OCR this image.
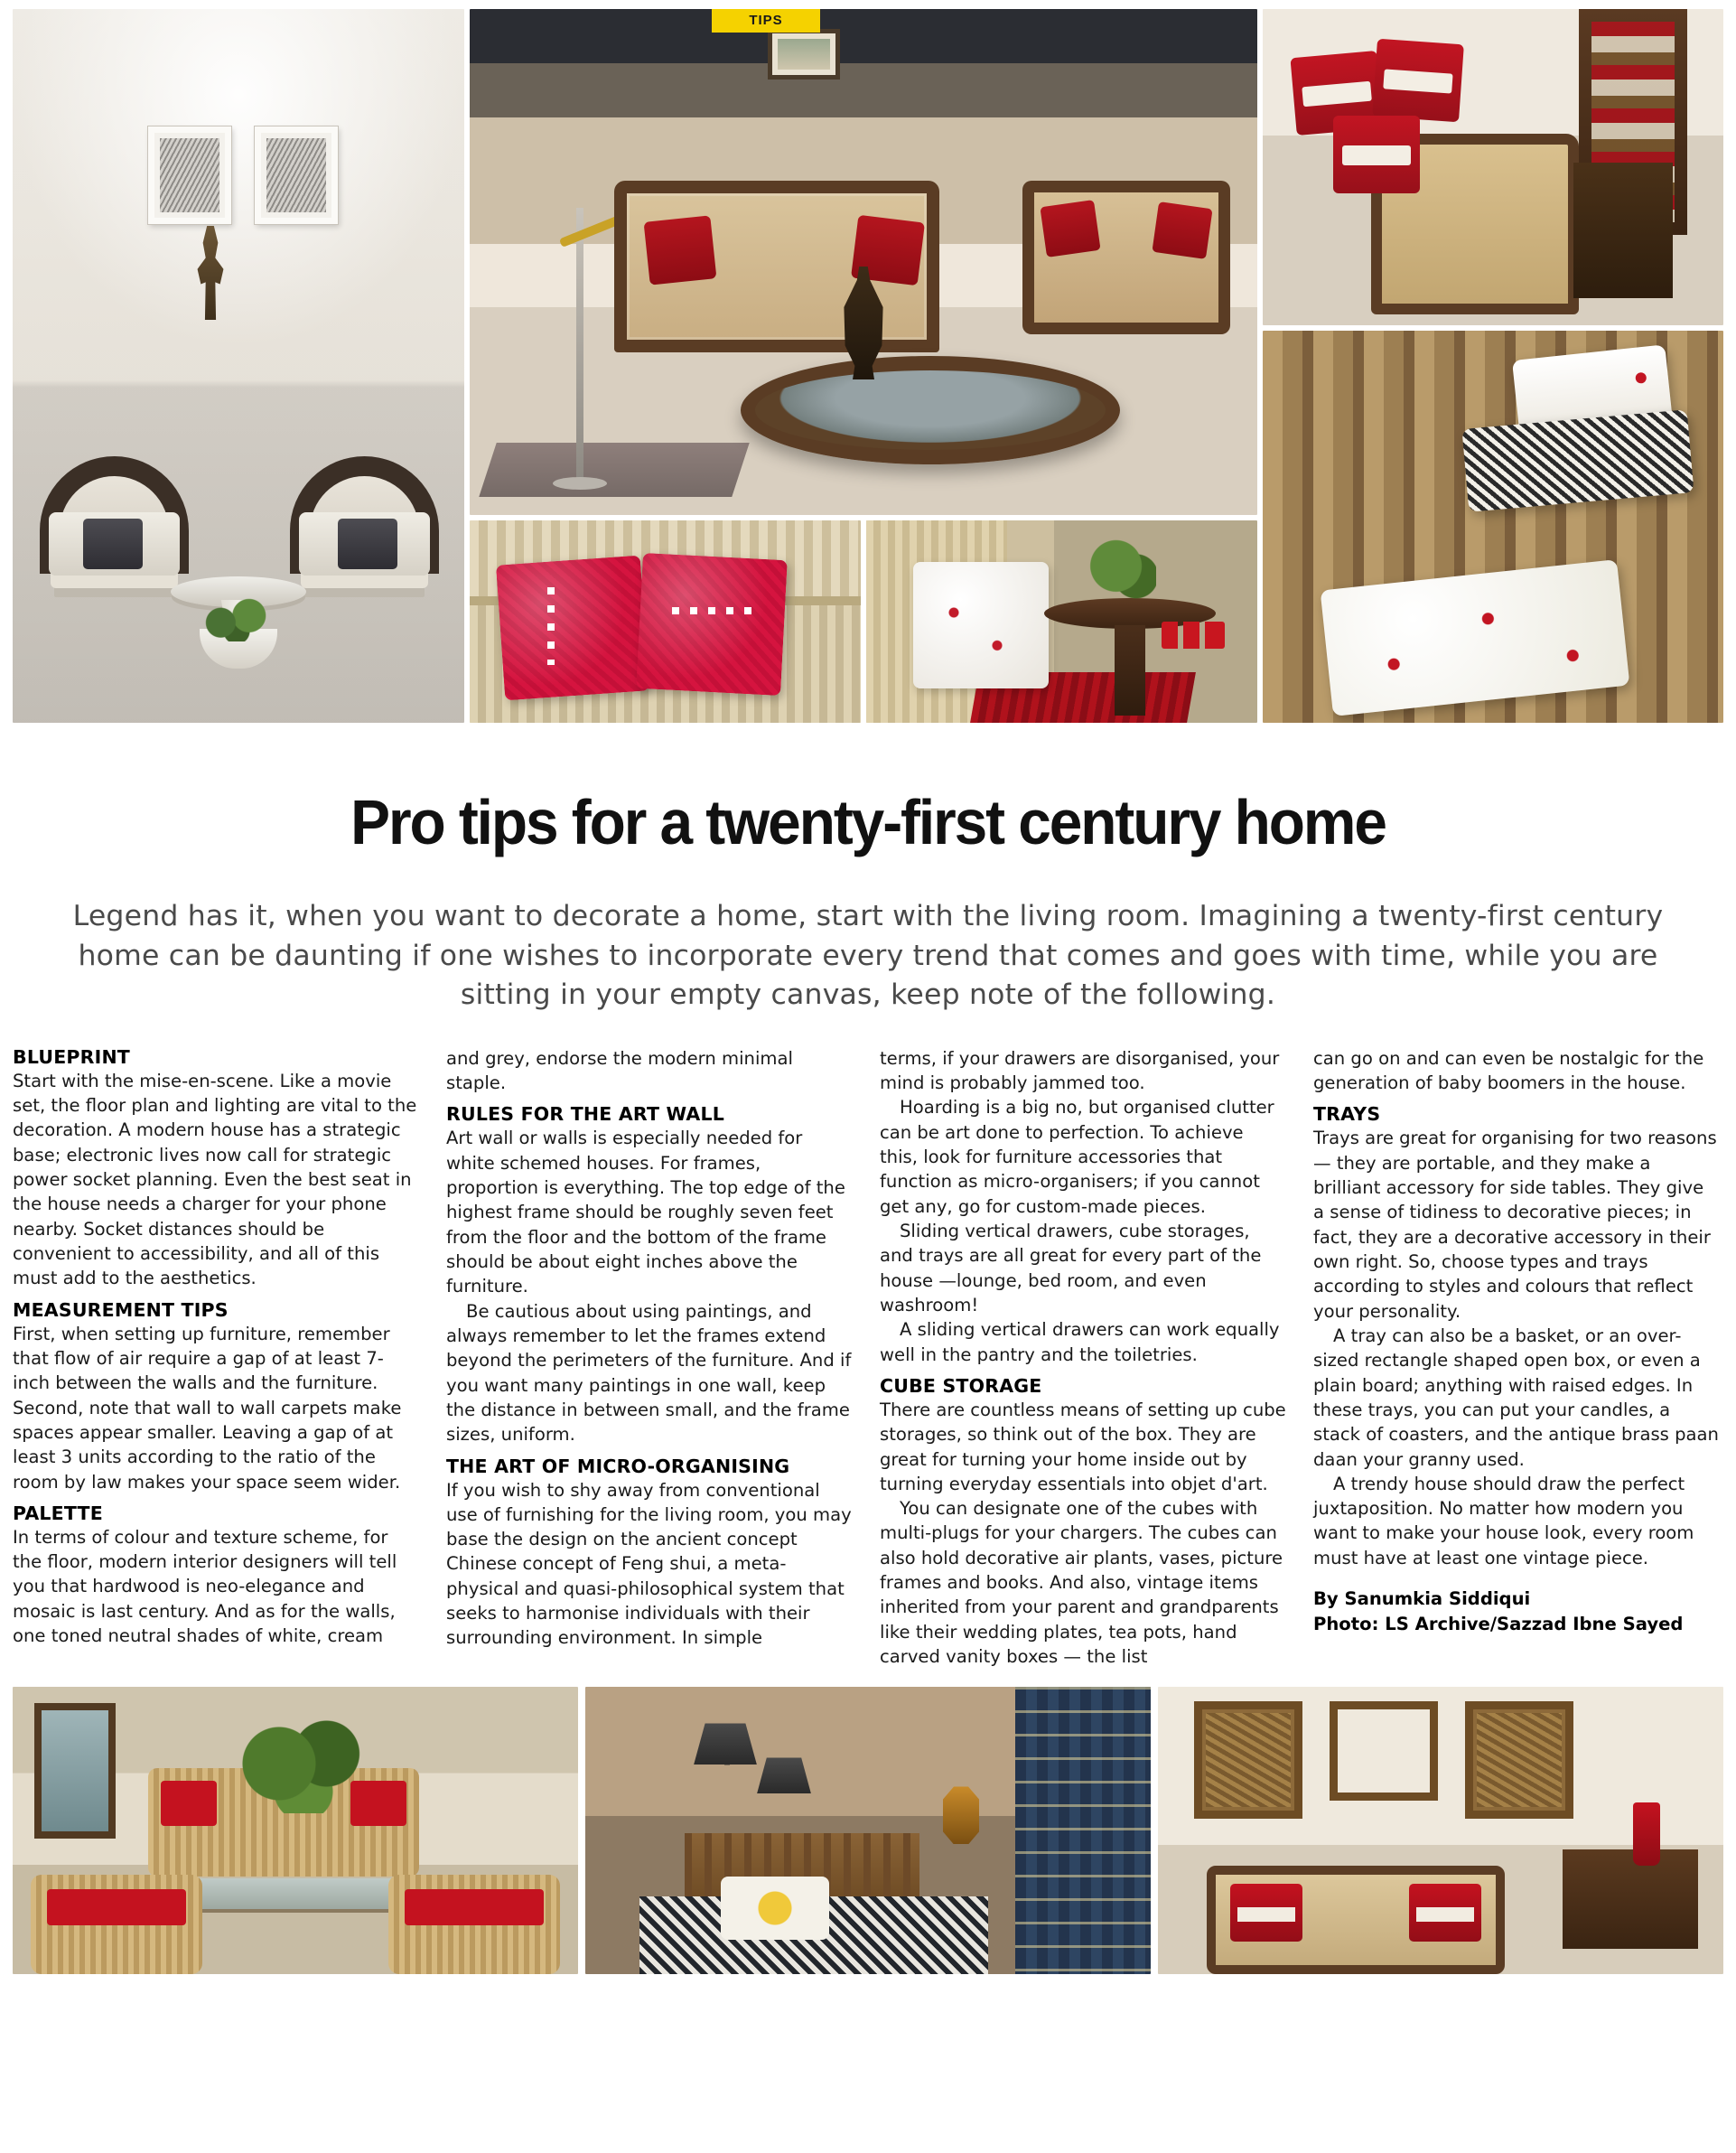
TIPS
Pro tips for a twenty-first century home

Legend has it, when you want to decorate a home, start with the living room. Imagining a twenty-first century home can be daunting if one wishes to incorporate every trend that comes and goes with time, while you are sitting in your empty canvas, keep note of the following.

BLUEPRINT

Start with the mise-en-scene. Like a movie set, the floor plan and lighting are vital to the decoration. A modern house has a strategic base; electronic lives now call for strategic power socket planning. Even the best seat in the house needs a charger for your phone nearby. Socket distances should be convenient to accessibility, and all of this must add to the aesthetics.

MEASUREMENT TIPS

First, when setting up furniture, remember that flow of air require a gap of at least 7-inch between the walls and the furniture. Second, note that wall to wall carpets make spaces appear smaller. Leaving a gap of at least 3 units according to the ratio of the room by law makes your space seem wider.

PALETTE

In terms of colour and texture scheme, for the floor, modern interior designers will tell you that hardwood is neo-elegance and mosaic is last century. And as for the walls, one toned neutral shades of white, cream

and grey, endorse the modern minimal staple.

RULES FOR THE ART WALL

Art wall or walls is especially needed for white schemed houses. For frames, proportion is everything. The top edge of the highest frame should be roughly seven feet from the floor and the bottom of the frame should be about eight inches above the furniture.

Be cautious about using paintings, and always remember to let the frames extend beyond the perimeters of the furniture. And if you want many paintings in one wall, keep the distance in between small, and the frame sizes, uniform.

THE ART OF MICRO-ORGANISING

If you wish to shy away from conventional use of furnishing for the living room, you may base the design on the ancient concept Chinese concept of Feng shui, a meta-physical and quasi-philosophical system that seeks to harmonise individuals with their surrounding environment. In simple

terms, if your drawers are disorganised, your mind is probably jammed too.

Hoarding is a big no, but organised clutter can be art done to perfection. To achieve this, look for furniture accessories that function as micro-organisers; if you cannot get any, go for custom-made pieces.

Sliding vertical drawers, cube storages, and trays are all great for every part of the house —lounge, bed room, and even washroom!

A sliding vertical drawers can work equally well in the pantry and the toiletries.

CUBE STORAGE

There are countless means of setting up cube storages, so think out of the box. They are great for turning your home inside out by turning everyday essentials into objet d'art.

You can designate one of the cubes with multi-plugs for your chargers. The cubes can also hold decorative air plants, vases, picture frames and books. And also, vintage items inherited from your parent and grandparents like their wedding plates, tea pots, hand carved vanity boxes — the list

can go on and can even be nostalgic for the generation of baby boomers in the house.

TRAYS

Trays are great for organising for two reasons — they are portable, and they make a brilliant accessory for side tables. They give a sense of tidiness to decorative pieces; in fact, they are a decorative accessory in their own right. So, choose types and trays according to styles and colours that reflect your personality.

A tray can also be a basket, or an over-sized rectangle shaped open box, or even a plain board; anything with raised edges. In these trays, you can put your candles, a stack of coasters, and the antique brass paan daan your granny used.

A trendy house should draw the perfect juxtaposition. No matter how modern you want to make your house look, every room must have at least one vintage piece.

By Sanumkia Siddiqui
Photo: LS Archive/Sazzad Ibne Sayed
